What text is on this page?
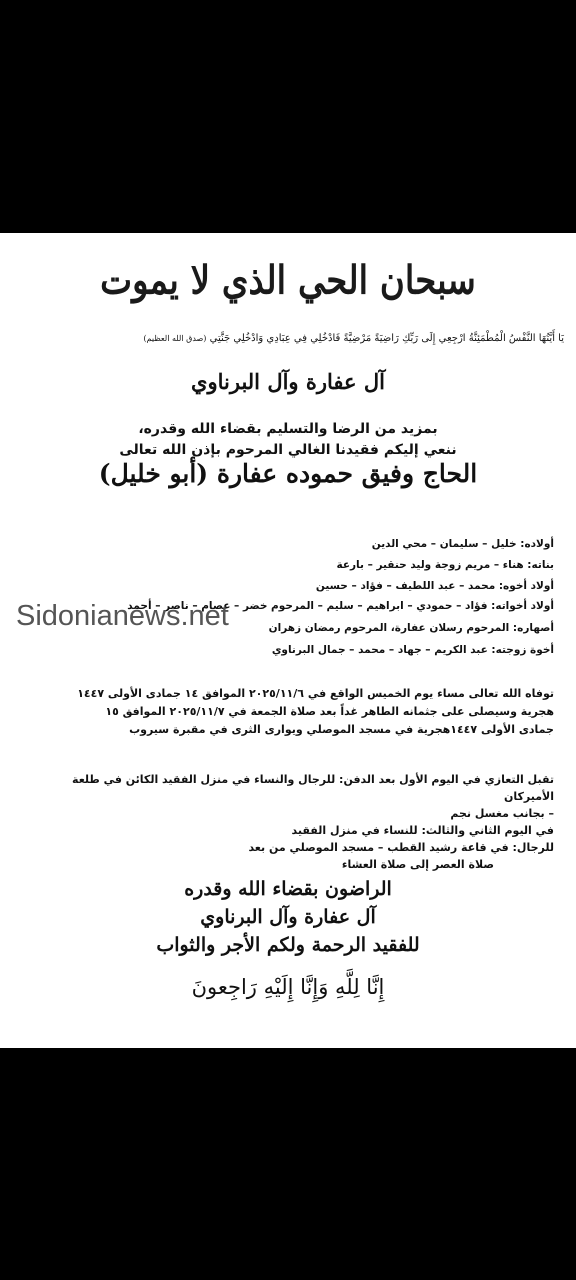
سبحان الحي الذي لا يموت
يَا أَيَّتُهَا النَّفْسُ الْمُطْمَئِنَّةُ ارْجِعِي إِلَى رَبِّكِ رَاضِيَةً مَرْضِيَّةً فَادْخُلِي فِي عِبَادِي وَادْخُلِي جَنَّتِي (صدق الله العظيم)
آل عفارة وآل البرناوي
بمزيد من الرضا والتسليم بقضاء الله وقدره،
ننعي إليكم فقيدنا الغالي المرحوم بإذن الله تعالى
الحاج وفيق حموده عفارة (أبو خليل)
أولاده: خليل – سليمان – محي الدين
بناته: هناء – مريم زوجة وليد حنقير – بارعة
أولاد أخوه: محمد – عبد اللطيف – فؤاد – حسين
أولاد أخواته: فؤاد – حمودي – ابراهيم – سليم – المرحوم خضر – عصام – ناصر – أحمد
أصهاره: المرحوم رسلان عفارة، المرحوم رمضان زهران
أخوة زوجته: عبد الكريم – جهاد – محمد – جمال البرناوي
Sidonianews.net
توفاه الله تعالى مساء يوم الخميس الواقع في ٢٠٢٥/١١/٦ الموافق ١٤ جمادى الأولى ١٤٤٧
هجرية وسيصلى على جثمانه الطاهر غداً بعد صلاة الجمعة في ٢٠٢٥/١١/٧ الموافق ١٥
جمادى الأولى ١٤٤٧هجرية في مسجد الموصلي ويوارى الثرى في مقبرة سيروب
تقبل التعازي في اليوم الأول بعد الدفن: للرجال والنساء في منزل الفقيد الكائن في طلعة الأميركان
– بجانب مغسل نجم
في اليوم الثاني والثالث: للنساء في منزل الفقيد
للرجال: في قاعة رشيد القطب – مسجد الموصلي من بعد
صلاة العصر إلى صلاة العشاء
الراضون بقضاء الله وقدره
آل عفارة وآل البرناوي
للفقيد الرحمة ولكم الأجر والثواب
إِنَّا لِلَّهِ وَإِنَّا إِلَيْهِ رَاجِعونَ
